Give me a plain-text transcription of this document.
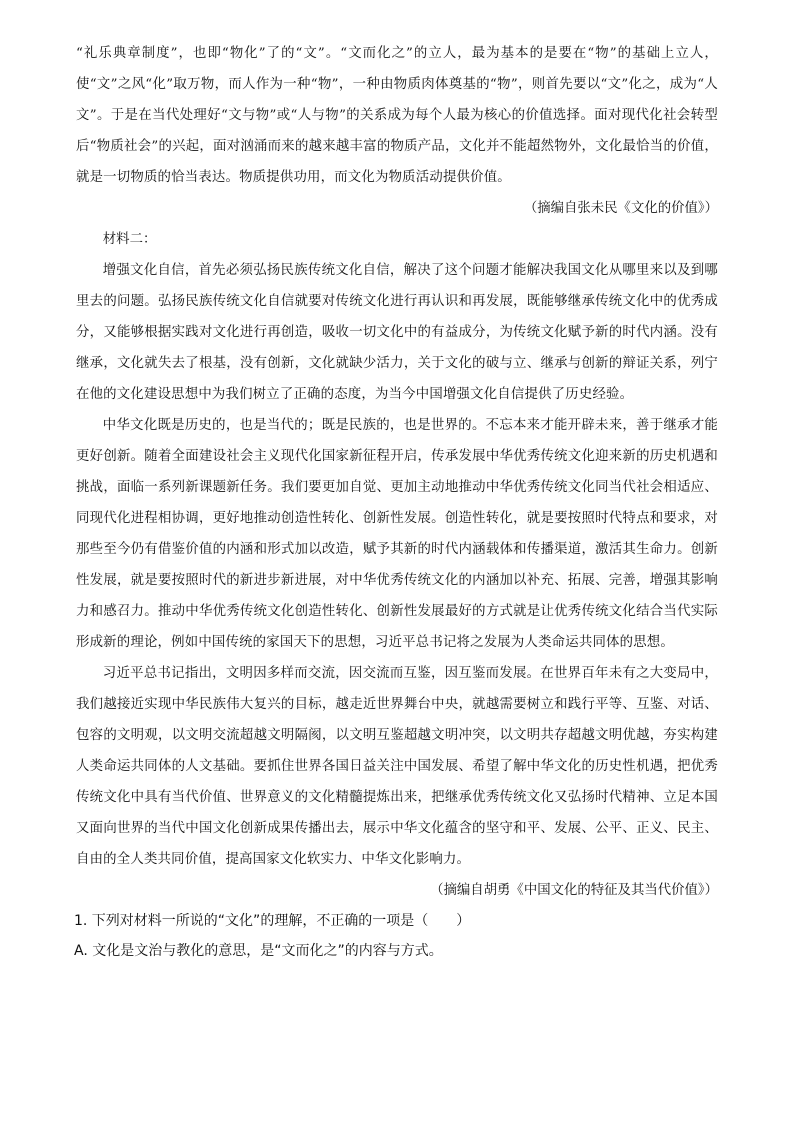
“礼乐典章制度”，也即“物化”了的“文”。“文而化之”的立人，最为基本的是要在“物”的基础上立人，使“文”之风“化”取万物，而人作为一种“物”，一种由物质肉体奠基的“物”，则首先要以“文”化之，成为“人文”。于是在当代处理好“文与物”或“人与物”的关系成为每个人最为核心的价值选择。面对现代化社会转型后“物质社会”的兴起，面对汹涌而来的越来越丰富的物质产品，文化并不能超然物外，文化最恰当的价值，就是一切物质的恰当表达。物质提供功用，而文化为物质活动提供价值。

（摘编自张未民《文化的价值》）

材料二：

增强文化自信，首先必须弘扬民族传统文化自信，解决了这个问题才能解决我国文化从哪里来以及到哪里去的问题。弘扬民族传统文化自信就要对传统文化进行再认识和再发展，既能够继承传统文化中的优秀成分，又能够根据实践对文化进行再创造，吸收一切文化中的有益成分，为传统文化赋予新的时代内涵。没有继承，文化就失去了根基，没有创新，文化就缺少活力，关于文化的破与立、继承与创新的辩证关系，列宁在他的文化建设思想中为我们树立了正确的态度，为当今中国增强文化自信提供了历史经验。

中华文化既是历史的，也是当代的；既是民族的，也是世界的。不忘本来才能开辟未来，善于继承才能更好创新。随着全面建设社会主义现代化国家新征程开启，传承发展中华优秀传统文化迎来新的历史机遇和挑战，面临一系列新课题新任务。我们要更加自觉、更加主动地推动中华优秀传统文化同当代社会相适应、同现代化进程相协调，更好地推动创造性转化、创新性发展。创造性转化，就是要按照时代特点和要求，对那些至今仍有借鉴价值的内涵和形式加以改造，赋予其新的时代内涵载体和传播渠道，激活其生命力。创新性发展，就是要按照时代的新进步新进展，对中华优秀传统文化的内涵加以补充、拓展、完善，增强其影响力和感召力。推动中华优秀传统文化创造性转化、创新性发展最好的方式就是让优秀传统文化结合当代实际形成新的理论，例如中国传统的家国天下的思想，习近平总书记将之发展为人类命运共同体的思想。

习近平总书记指出，文明因多样而交流，因交流而互鉴，因互鉴而发展。在世界百年未有之大变局中，我们越接近实现中华民族伟大复兴的目标，越走近世界舞台中央，就越需要树立和践行平等、互鉴、对话、包容的文明观，以文明交流超越文明隔阂，以文明互鉴超越文明冲突，以文明共存超越文明优越，夯实构建人类命运共同体的人文基础。要抓住世界各国日益关注中国发展、希望了解中华文化的历史性机遇，把优秀传统文化中具有当代价值、世界意义的文化精髓提炼出来，把继承优秀传统文化又弘扬时代精神、立足本国又面向世界的当代中国文化创新成果传播出去，展示中华文化蕴含的坚守和平、发展、公平、正义、民主、自由的全人类共同价值，提高国家文化软实力、中华文化影响力。

（摘编自胡勇《中国文化的特征及其当代价值》）

1. 下列对材料一所说的“文化”的理解，不正确的一项是（　　）

A. 文化是文治与教化的意思，是“文而化之”的内容与方式。
